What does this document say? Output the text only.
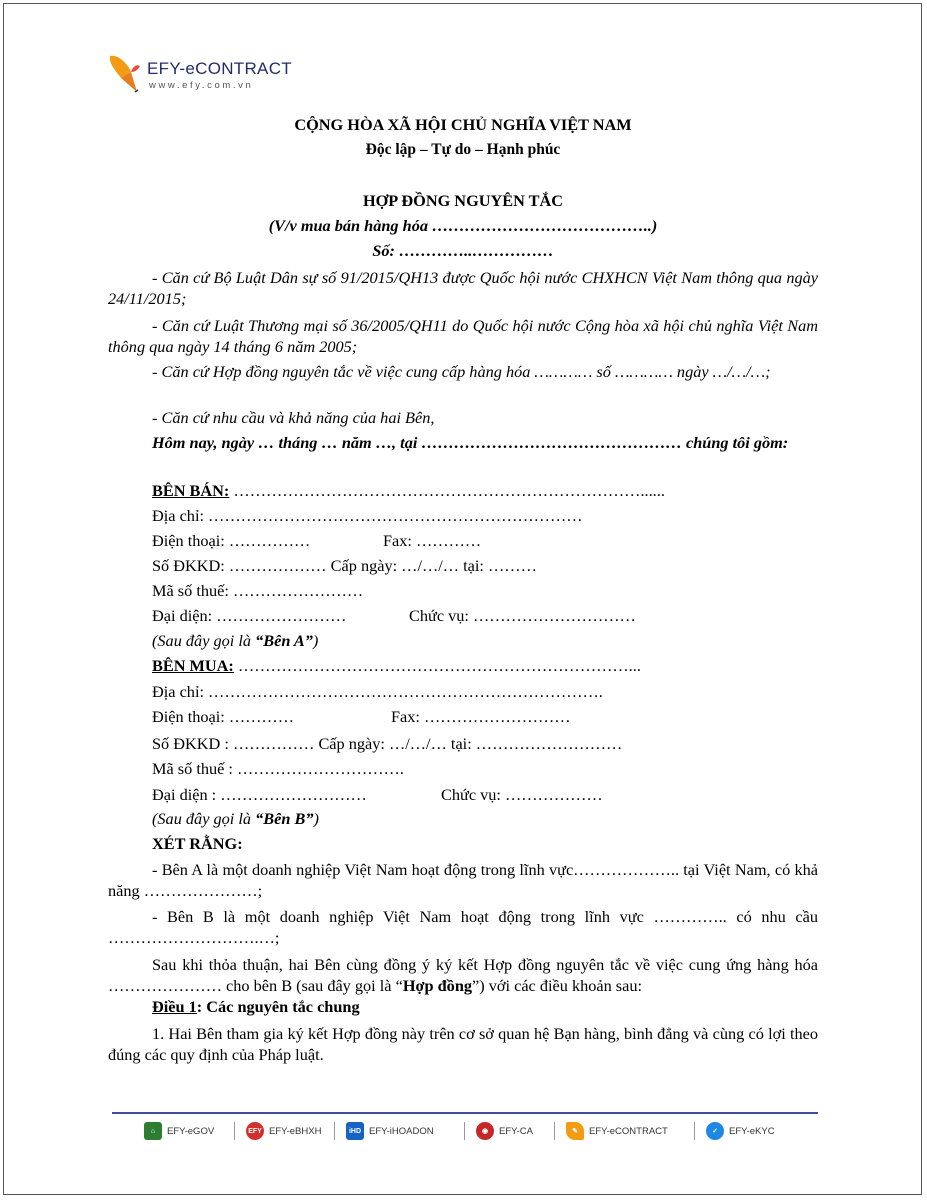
EFY-eCONTRACT
www.efy.com.vn
CỘNG HÒA XÃ HỘI CHỦ NGHĨA VIỆT NAM
Độc lập – Tự do – Hạnh phúc
HỢP ĐỒNG NGUYÊN TẮC
(V/v mua bán hàng hóa …………………………………..)
Số: …………..……………
- Căn cứ Bộ Luật Dân sự số 91/2015/QH13 được Quốc hội nước CHXHCN Việt Nam thông qua ngày 24/11/2015;
- Căn cứ Luật Thương mại số 36/2005/QH11 do Quốc hội nước Cộng hòa xã hội chủ nghĩa Việt Nam thông qua ngày 14 tháng 6 năm 2005;
- Căn cứ Hợp đồng nguyên tắc về việc cung cấp hàng hóa ………… số ………… ngày …/…/…;
- Căn cứ nhu cầu và khả năng của hai Bên,
Hôm nay, ngày … tháng … năm …, tại ………………………………………… chúng tôi gồm:
BÊN BÁN: …………………………………………………………………......
Địa chỉ: ……………………………………………………………
Điện thoại: ……………	Fax: …………
Số ĐKKD: ……………… Cấp ngày: …/…/… tại: ………
Mã số thuế: ……………………
Đại diện: ……………………	Chức vụ: …………………………
(Sau đây gọi là “Bên A”)
BÊN MUA: ………………………………………………………………...
Địa chỉ: ……………………………………………………………….
Điện thoại: …………	Fax: ………………………
Số ĐKKD : …………… Cấp ngày: …/…/… tại: ………………………
Mã số thuế : ………………………….
Đại diện : ………………………	Chức vụ: ………………
(Sau đây gọi là “Bên B”)
XÉT RẰNG:
- Bên A là một doanh nghiệp Việt Nam hoạt động trong lĩnh vực……………….. tại Việt Nam, có khả năng …………………;
- Bên B là một doanh nghiệp Việt Nam hoạt động trong lĩnh vực ………….. có nhu cầu ……………………….…;
Sau khi thỏa thuận, hai Bên cùng đồng ý ký kết Hợp đồng nguyên tắc về việc cung ứng hàng hóa ………………… cho bên B (sau đây gọi là “Hợp đồng”) với các điều khoản sau:
Điều 1: Các nguyên tắc chung
1. Hai Bên tham gia ký kết Hợp đồng này trên cơ sở quan hệ Bạn hàng, bình đẳng và cùng có lợi theo đúng các quy định của Pháp luật.
⌂	EFY-eGOV	EFY EFY-eBHXH	iHD EFY-iHOADON	◉	EFY-CA	✎	EFY-eCONTRACT	✓	EFY-eKYC
